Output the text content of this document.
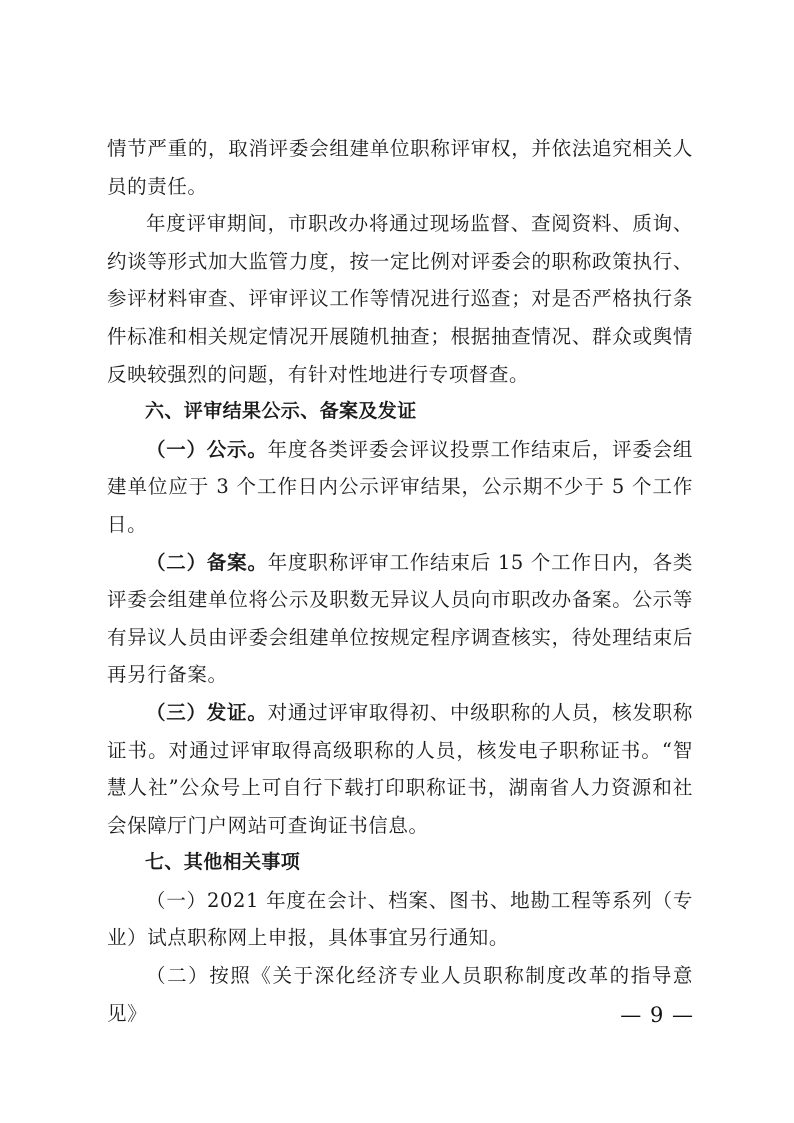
情节严重的，取消评委会组建单位职称评审权，并依法追究相关人员的责任。

年度评审期间，市职改办将通过现场监督、查阅资料、质询、约谈等形式加大监管力度，按一定比例对评委会的职称政策执行、参评材料审查、评审评议工作等情况进行巡查；对是否严格执行条件标准和相关规定情况开展随机抽查；根据抽查情况、群众或舆情反映较强烈的问题，有针对性地进行专项督查。

六、评审结果公示、备案及发证

（一）公示。年度各类评委会评议投票工作结束后，评委会组建单位应于 3 个工作日内公示评审结果，公示期不少于 5 个工作日。

（二）备案。年度职称评审工作结束后 15 个工作日内，各类评委会组建单位将公示及职数无异议人员向市职改办备案。公示等有异议人员由评委会组建单位按规定程序调查核实，待处理结束后再另行备案。

（三）发证。对通过评审取得初、中级职称的人员，核发职称证书。对通过评审取得高级职称的人员，核发电子职称证书。“智慧人社”公众号上可自行下载打印职称证书，湖南省人力资源和社会保障厅门户网站可查询证书信息。

七、其他相关事项

（一）2021 年度在会计、档案、图书、地勘工程等系列（专业）试点职称网上申报，具体事宜另行通知。

（二）按照《关于深化经济专业人员职称制度改革的指导意见》	— 9 —
